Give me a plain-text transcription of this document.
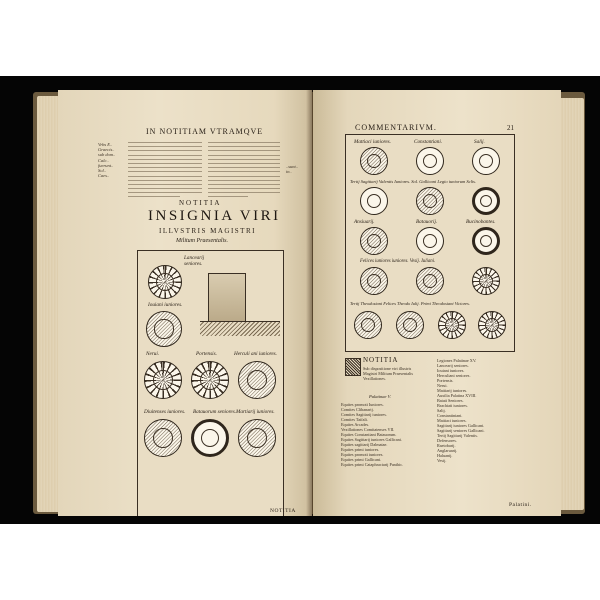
IN NOTITIAM VTRAMQVE
Vrbs E..
Graecis..
sub dom..
Calc..
fuerunt..
Sol..
Caes..
..sunt..
in..
NOTITIA
INSIGNIA VIRI
ILLVSTRIS MAGISTRI
Militum Praesentalis.
Lancearij
seniores.
Iouiani iuniores.
Nerui.	Portensis.	Herculi ani iuniores.
Diuitenses iuniores. Batauorum seniores. Martiarij iuniores.
NOTITIA
COMMENTARIVM.	21
Mattiaci iuniores.	Constantiani.	Salij.
Tertij Sagittarij Valentis Iuniores. Sol. Gallicani Legio iuniorum Sclis.
Ansiuarij.	Batauorij.	Bucinobantes.
Felices iuniores iuniores. Vesij. Iuliani.
Tertij Theodosiani Felices Theodo Iulij. Primi Theodosiani Victores.
NOTITIA
Sub dispositione viri illustris Magistri Militum Praesentalis Vexillationes.
Palatinae V.
Equites promoti Iuniores.
Comites Clibanarij.
Comites Sagittarij iuniores.
Comites Taifali.
Equites Arcades.
Vexillationes Comitatenses VII.
Equites Constantiani Batauorum.
Equites Sagittarij iuniores Gallicani.
Equites sagittarij Dalmatae.
Equites primi iuniores.
Equites promoti iuniores.
Equites primi Gallicani.
Equites primi Cataphractarij Panthic.
Legiones Palatinae XV.
Lancearij seniores.
Iouiani iuniores.
Herculiani seniores.
Portensis.
Nerui.
Mattiarij iuniores.
Auxilia Palatina XVIII.
Batati Seniores.
Brachiati iuniores.
Salij.
Constantiniani.
Mattiaci iuniores.
Sagittarij iuniores Gallicani.
Sagittarij seniores Gallicani.
Tertij Sagittarij Valentis.
Defensores.
Raetobarij.
Anglaruarij.
Haluanij.
Vesij.
Palatini.
